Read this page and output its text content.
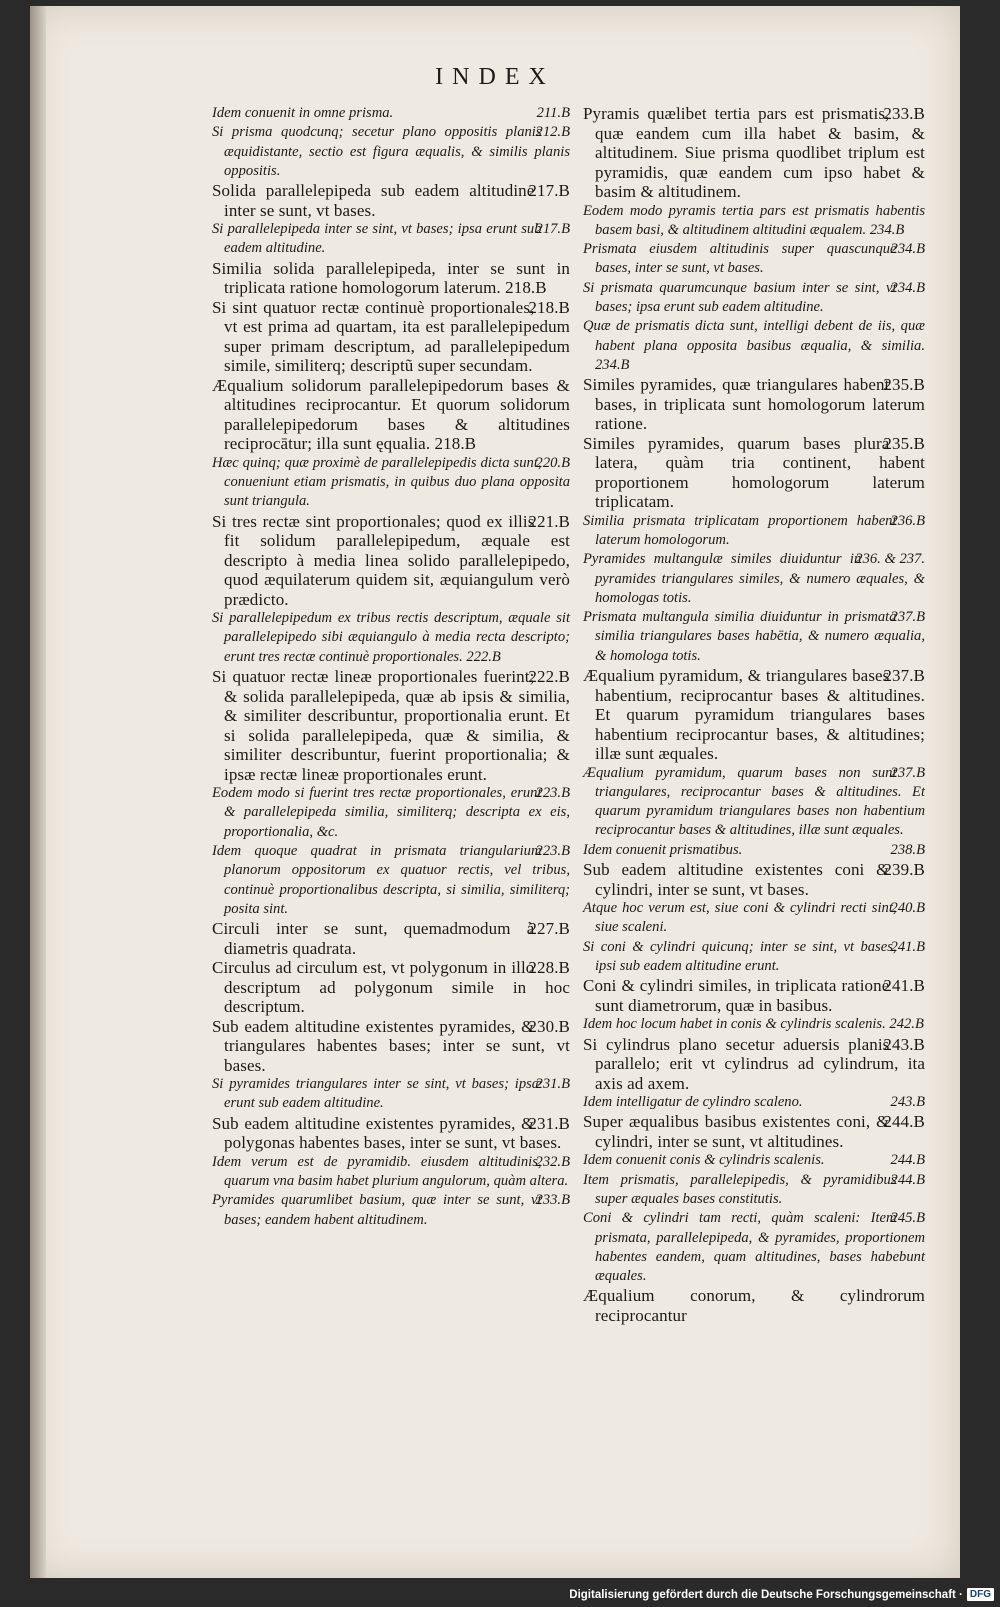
INDEX

211.B
Idem conuenit in omne prisma.

212.B
Si prisma quodcunq; secetur plano oppositis planis æquidistante, sectio est figura æqualis, & similis planis oppositis.

217.B
Solida parallelepipeda sub eadem altitudine inter se sunt, vt bases.

217.B
Si parallelepipeda inter se sint, vt bases; ipsa erunt sub eadem altitudine.

Similia solida parallelepipeda, inter se sunt in triplicata ratione homologorum laterum. 218.B

218.B
Si sint quatuor rectæ continuè proportionales, vt est prima ad quartam, ita est parallelepipedum super primam descriptum, ad parallelepipedum simile, similiterq; descriptũ super secundam.

Æqualium solidorum parallelepipedorum bases & altitudines reciprocantur. Et quorum solidorum parallelepipedorum bases & altitudines reciprocātur; illa sunt ęqualia. 218.B

220.B
Hæc quinq; quæ proximè de parallelepipedis dicta sunt, conueniunt etiam prismatis, in quibus duo plana opposita sunt triangula.

221.B
Si tres rectæ sint proportionales; quod ex illis fit solidum parallelepipedum, æquale est descripto à media linea solido parallelepipedo, quod æquilaterum quidem sit, æquiangulum verò prædicto.

Si parallelepipedum ex tribus rectis descriptum, æquale sit parallelepipedo sibi æquiangulo à media recta descripto; erunt tres rectæ continuè proportionales. 222.B

222.B
Si quatuor rectæ lineæ proportionales fuerint; & solida parallelepipeda, quæ ab ipsis & similia, & similiter describuntur, proportionalia erunt. Et si solida parallelepipeda, quæ & similia, & similiter describuntur, fuerint proportionalia; & ipsæ rectæ lineæ proportionales erunt.

223.B
Eodem modo si fuerint tres rectæ proportionales, erunt & parallelepipeda similia, similiterq; descripta ex eis, proportionalia, &c.

223.B
Idem quoque quadrat in prismata triangularium planorum oppositorum ex quatuor rectis, vel tribus, continuè proportionalibus descripta, si similia, similiterq; posita sint.

227.B
Circuli inter se sunt, quemadmodum à diametris quadrata.

228.B
Circulus ad circulum est, vt polygonum in illo descriptum ad polygonum simile in hoc descriptum.

230.B
Sub eadem altitudine existentes pyramides, & triangulares habentes bases; inter se sunt, vt bases.

231.B
Si pyramides triangulares inter se sint, vt bases; ipsæ erunt sub eadem altitudine.

231.B
Sub eadem altitudine existentes pyramides, & polygonas habentes bases, inter se sunt, vt bases.

232.B
Idem verum est de pyramidib. eiusdem altitudinis, quarum vna basim habet plurium angulorum, quàm altera.

233.B
Pyramides quarumlibet basium, quæ inter se sunt, vt bases; eandem habent altitudinem.

233.B
Pyramis quælibet tertia pars est prismatis, quæ eandem cum illa habet & basim, & altitudinem. Siue prisma quodlibet triplum est pyramidis, quæ eandem cum ipso habet & basim & altitudinem.

Eodem modo pyramis tertia pars est prismatis habentis basem basi, & altitudinem altitudini æqualem. 234.B

234.B
Prismata eiusdem altitudinis super quascunque bases, inter se sunt, vt bases.

234.B
Si prismata quarumcunque basium inter se sint, vt bases; ipsa erunt sub eadem altitudine.

Quæ de prismatis dicta sunt, intelligi debent de iis, quæ habent plana opposita basibus æqualia, & similia. 234.B

235.B
Similes pyramides, quæ triangulares habent bases, in triplicata sunt homologorum laterum ratione.

235.B
Similes pyramides, quarum bases plura latera, quàm tria continent, habent proportionem homologorum laterum triplicatam.

236.B
Similia prismata triplicatam proportionem habent laterum homologorum.

236. & 237.
Pyramides multangulæ similes diuiduntur in pyramides triangulares similes, & numero æquales, & homologas totis.

237.B
Prismata multangula similia diuiduntur in prismata similia triangulares bases habētia, & numero æqualia, & homologa totis.

237.B
Æqualium pyramidum, & triangulares bases habentium, reciprocantur bases & altitudines. Et quarum pyramidum triangulares bases habentium reciprocantur bases, & altitudines; illæ sunt æquales.

237.B
Æqualium pyramidum, quarum bases non sunt triangulares, reciprocantur bases & altitudines. Et quarum pyramidum triangulares bases non habentium reciprocantur bases & altitudines, illæ sunt æquales.

238.B
Idem conuenit prismatibus.

239.B
Sub eadem altitudine existentes coni & cylindri, inter se sunt, vt bases.

240.B
Atque hoc verum est, siue coni & cylindri recti sint, siue scaleni.

241.B
Si coni & cylindri quicunq; inter se sint, vt bases, ipsi sub eadem altitudine erunt.

241.B
Coni & cylindri similes, in triplicata ratione sunt diametrorum, quæ in basibus.

Idem hoc locum habet in conis & cylindris scalenis. 242.B

243.B
Si cylindrus plano secetur aduersis planis parallelo; erit vt cylindrus ad cylindrum, ita axis ad axem.

243.B
Idem intelligatur de cylindro scaleno.

244.B
Super æqualibus basibus existentes coni, & cylindri, inter se sunt, vt altitudines.

244.B
Idem conuenit conis & cylindris scalenis.

244.B
Item prismatis, parallelepipedis, & pyramidibus super æquales bases constitutis.

245.B
Coni & cylindri tam recti, quàm scaleni: Item prismata, parallelepipeda, & pyramides, proportionem habentes eandem, quam altitudines, bases habebunt æquales.

Æqualium conorum, & cylindrorum reciprocantur

Digitalisierung gefördert durch die Deutsche Forschungsgemeinschaft · DFG
